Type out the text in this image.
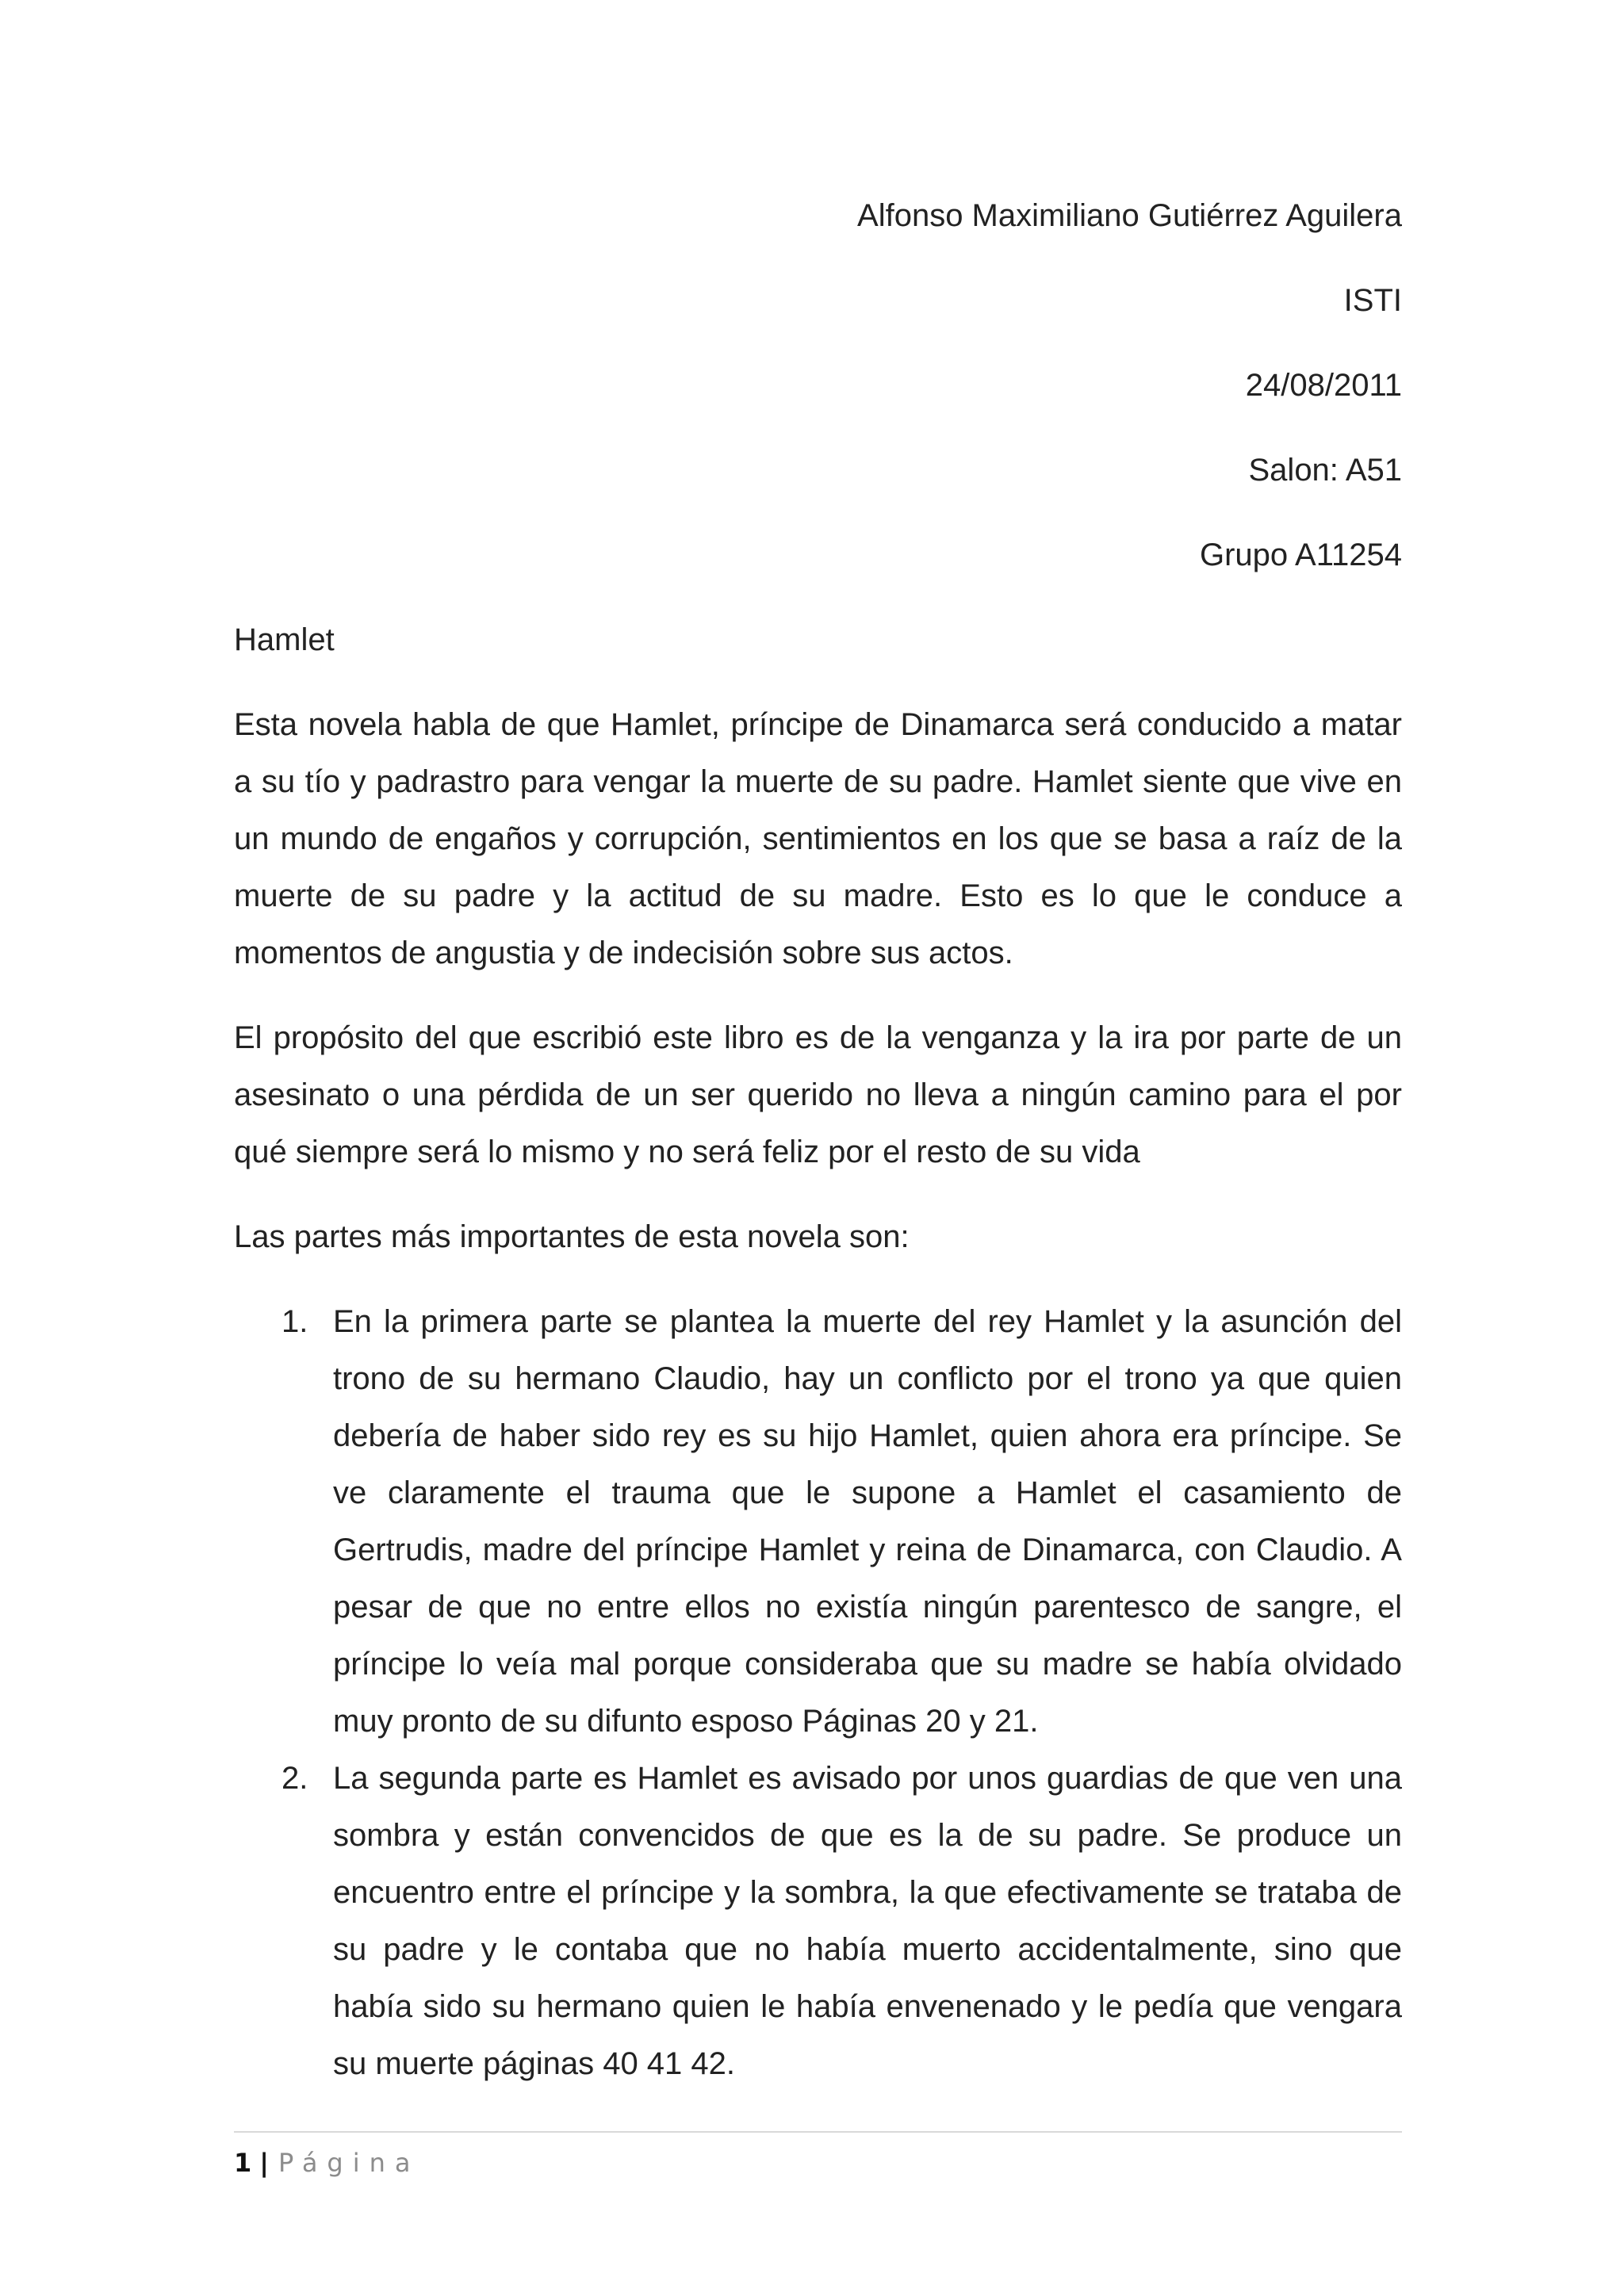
Alfonso Maximiliano Gutiérrez Aguilera

ISTI

24/08/2011

Salon: A51

Grupo A11254

Hamlet

Esta novela habla de que Hamlet, príncipe de Dinamarca será conducido a matar a su tío y padrastro para vengar la muerte de su padre. Hamlet siente que vive en un mundo de engaños y corrupción, sentimientos en los que se basa a raíz de la muerte de su padre y la actitud de su madre. Esto es lo que le conduce a momentos de angustia y de indecisión sobre sus actos.

El propósito del que escribió este libro es de la venganza y la ira por parte de un asesinato o una pérdida de un ser querido no lleva a ningún camino para el por qué siempre será lo mismo y no será feliz por el resto de su vida

Las partes más importantes de esta novela son:

1. En la primera parte se plantea la muerte del rey Hamlet y la asunción del trono de su hermano Claudio, hay un conflicto por el trono ya que quien debería de haber sido rey es su hijo Hamlet, quien ahora era príncipe. Se ve claramente el trauma que le supone a Hamlet el casamiento de Gertrudis, madre del príncipe Hamlet y reina de Dinamarca, con Claudio. A pesar de que no entre ellos no existía ningún parentesco de sangre, el príncipe lo veía mal porque consideraba que su madre se había olvidado muy pronto de su difunto esposo Páginas 20 y 21.
2. La segunda parte es Hamlet es avisado por unos guardias de que ven una sombra y están convencidos de que es la de su padre. Se produce un encuentro entre el príncipe y la sombra, la que efectivamente se trataba de su padre y le contaba que no había muerto accidentalmente, sino que había sido su hermano quien le había envenenado y le pedía que vengara su muerte páginas 40 41 42.
1 | Página
